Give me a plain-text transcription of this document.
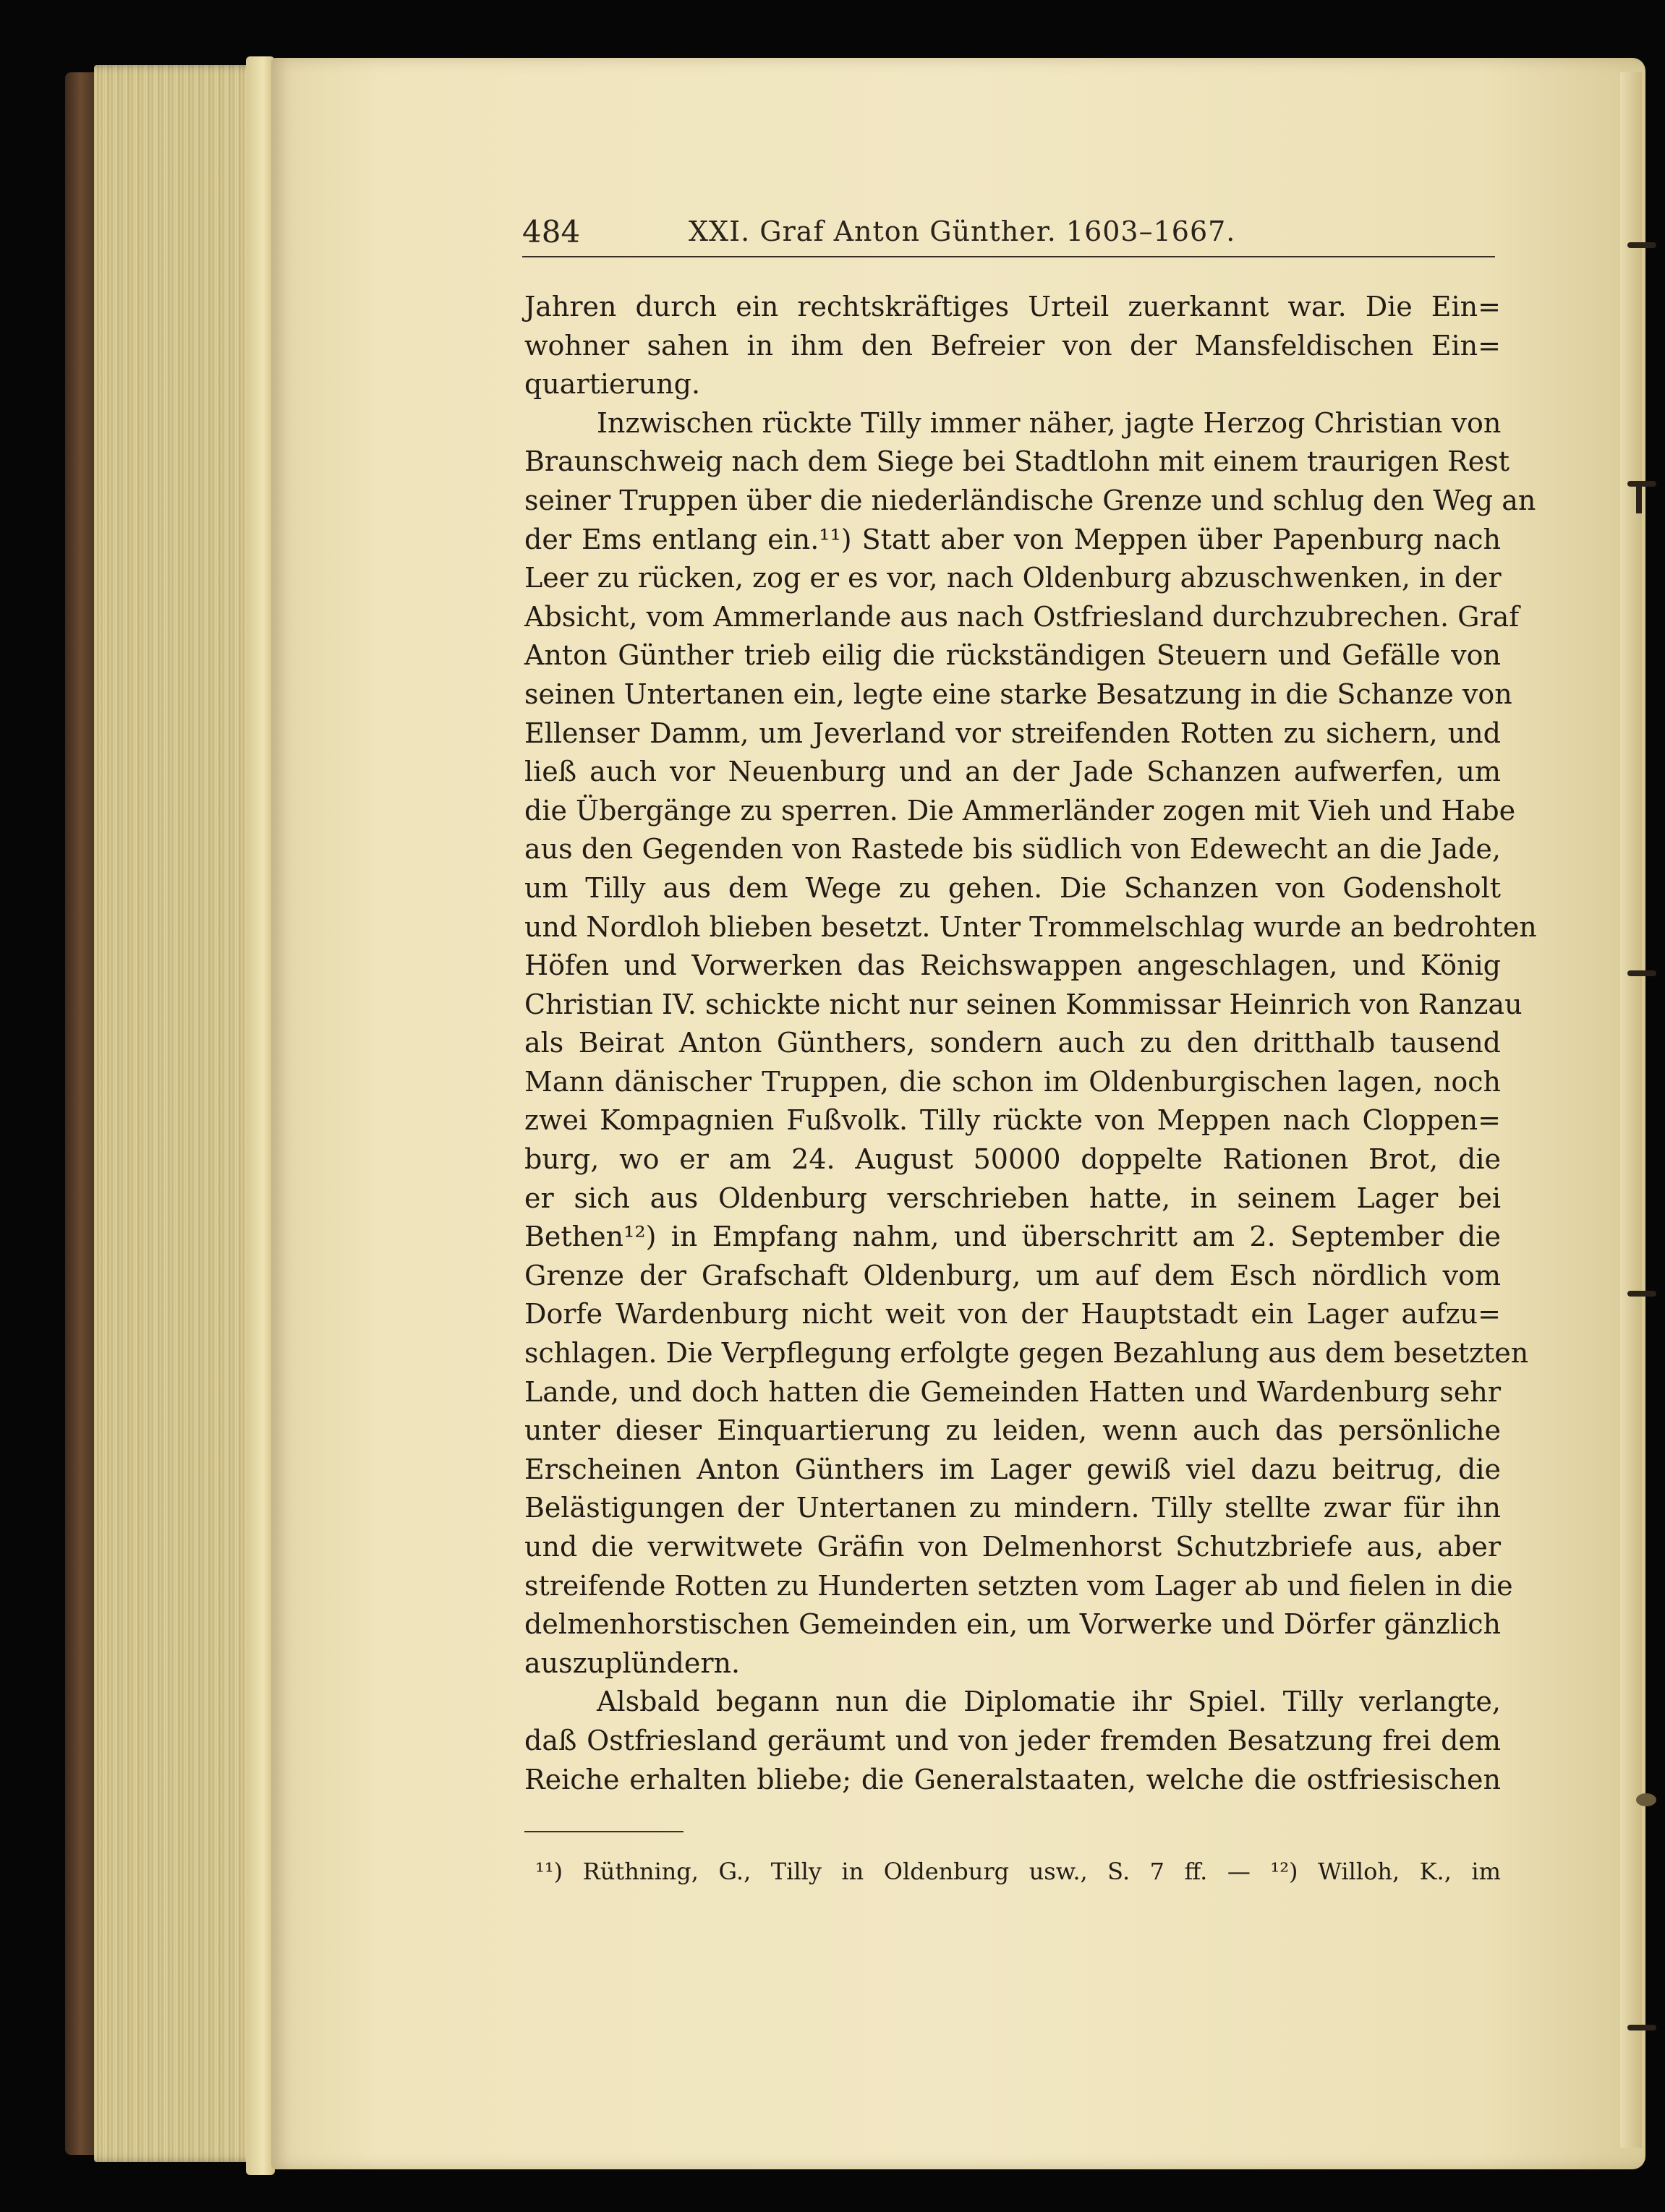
484	XXI. Graf Anton Günther. 1603–1667.
Jahren durch ein rechtskräftiges Urteil zuerkannt war. Die Ein=
wohner sahen in ihm den Befreier von der Mansfeldischen Ein=
quartierung.
Inzwischen rückte Tilly immer näher, jagte Herzog Christian von
Braunschweig nach dem Siege bei Stadtlohn mit einem traurigen Rest
seiner Truppen über die niederländische Grenze und schlug den Weg an
der Ems entlang ein.¹¹) Statt aber von Meppen über Papenburg nach
Leer zu rücken, zog er es vor, nach Oldenburg abzuschwenken, in der
Absicht, vom Ammerlande aus nach Ostfriesland durchzubrechen. Graf
Anton Günther trieb eilig die rückständigen Steuern und Gefälle von
seinen Untertanen ein, legte eine starke Besatzung in die Schanze von
Ellenser Damm, um Jeverland vor streifenden Rotten zu sichern, und
ließ auch vor Neuenburg und an der Jade Schanzen aufwerfen, um
die Übergänge zu sperren. Die Ammerländer zogen mit Vieh und Habe
aus den Gegenden von Rastede bis südlich von Edewecht an die Jade,
um Tilly aus dem Wege zu gehen. Die Schanzen von Godensholt
und Nordloh blieben besetzt. Unter Trommelschlag wurde an bedrohten
Höfen und Vorwerken das Reichswappen angeschlagen, und König
Christian IV. schickte nicht nur seinen Kommissar Heinrich von Ranzau
als Beirat Anton Günthers, sondern auch zu den dritthalb tausend
Mann dänischer Truppen, die schon im Oldenburgischen lagen, noch
zwei Kompagnien Fußvolk. Tilly rückte von Meppen nach Cloppen=
burg, wo er am 24. August 50000 doppelte Rationen Brot, die
er sich aus Oldenburg verschrieben hatte, in seinem Lager bei
Bethen¹²) in Empfang nahm, und überschritt am 2. September die
Grenze der Grafschaft Oldenburg, um auf dem Esch nördlich vom
Dorfe Wardenburg nicht weit von der Hauptstadt ein Lager aufzu=
schlagen. Die Verpflegung erfolgte gegen Bezahlung aus dem besetzten
Lande, und doch hatten die Gemeinden Hatten und Wardenburg sehr
unter dieser Einquartierung zu leiden, wenn auch das persönliche
Erscheinen Anton Günthers im Lager gewiß viel dazu beitrug, die
Belästigungen der Untertanen zu mindern. Tilly stellte zwar für ihn
und die verwitwete Gräfin von Delmenhorst Schutzbriefe aus, aber
streifende Rotten zu Hunderten setzten vom Lager ab und fielen in die
delmenhorstischen Gemeinden ein, um Vorwerke und Dörfer gänzlich
auszuplündern.
Alsbald begann nun die Diplomatie ihr Spiel. Tilly verlangte,
daß Ostfriesland geräumt und von jeder fremden Besatzung frei dem
Reiche erhalten bliebe; die Generalstaaten, welche die ostfriesischen
¹¹) Rüthning, G., Tilly in Oldenburg usw., S. 7 ff. — ¹²) Willoh, K., im
